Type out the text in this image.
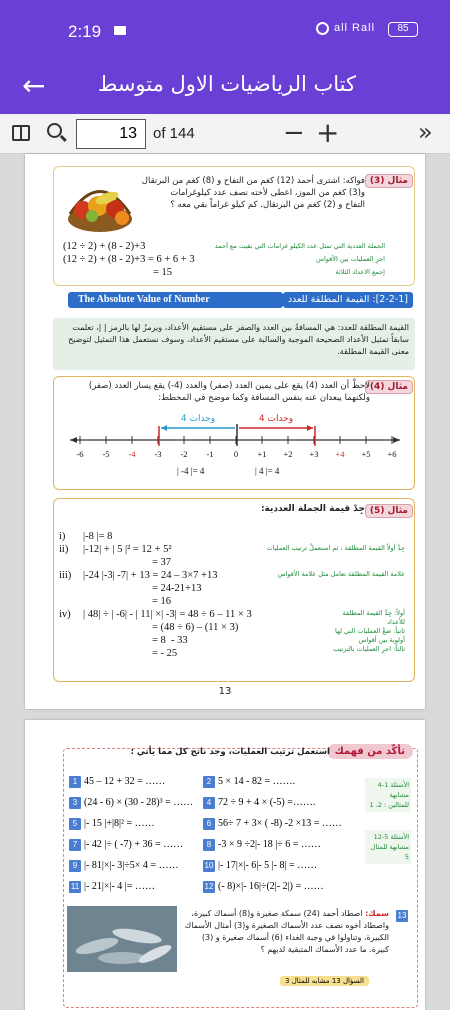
2:19	all Rall	85
← كتاب الرياضيات الاول متوسط
13
of 144	− +	»
مثال (3)
فواكه: اشترى أحمد (12) كغم من التفاح و (8) كغم من البرتقال
و(3) كغم من الموز، اعطى لأخته نصف عدد كيلوغرامات
التفاح و (2) كغم من البرتقال. كم كيلو غراماً بقي معه ؟
(12 ÷ 2) + (8 - 2)+3
(12 ÷ 2) + (8 - 2)+3 = 6 + 6 + 3
= 15
الجملة العددية التي تمثل عدد الكيلو غرامات التي بقيت مع أحمد
اجرِ العمليات بين الأقواس
إجمع الاعداد الثلاثة
The Absolute Value of Number	[2-2-1]: القيمة المطلقة للعدد
القيمة المطلقة للعدد: هي المسافةُ بين العدد والصفر على مستقيم الأعداد، ويرمزُ لها بالرمز | |، تعلمت سابقاً تمثيل الأعداد الصحيحة الموجبة والسالبة على مستقيم الأعداد، وسوف نستعمل هذا التمثيل لتوضيح معنى القيمة المطلقة.
مثال (4)
لاحظْ أن العدد (4) يقع على يمين العدد (صفر) والعدد (4-) يقع يسار العدد (صفر)
ولكنهما يبعدان عنه بنفس المسافة وكما موضح في المخطط:
-6 -5 -4 -3 -2 -1 0 +1 +2 +3 +4 +5 +6
4 وحدات	4 وحدات
| -4 |= 4	| 4 |= 4
مثال (5)
جِدْ قيمة الجملة العددية:
i) |-8 |= 8
ii) |-12| + | 5 |² = 12 + 5²
= 37
جِدْ أولاً القيمة المطلقة ، ثم استعملْ ترتيب العمليات
iii) |-24 |-3| -7| + 13 = 24 – 3×7 +13
= 24-21+13
= 16
علامة القيمة المطلقة تعامل مثل علامة الأقواس
iv) | 48| ÷ | -6| - | 11| ×| -3| = 48 ÷ 6 – 11 × 3
= (48 ÷ 6) – (11 × 3)
= 8  - 33
= - 25
أولاً: جِدْ القيمة المطلقة للأعداد
ثانياً: ضعْ العمليات التي لها أولوية بين أقواس
ثالثاً: اجرِ العمليات بالترتيب
13
تأكّد من فهمك
استعمل ترتيب العمليات، وجد ناتج كل مما يأتي :
الأسئلة 1-4 مشابهة للمثالين : 2، 1
الأسئلة 5-12 مشابهة للمثال 5
1 45 – 12 + 32 = ……	2 5 × 14 - 82 = …….
3 (24 - 6) × (30 - 28)³ = ……	4 72 ÷ 9 + 4 × (-5) =…….
5 |- 15 |+|8|² = ……	6 56÷ 7 + 3× ( -8) -2 ×13 = ……
7 |- 42 |÷ ( -7) + 36 = ……	8 -3 × 9 ÷2|- 18 |÷ 6 = ……
9 |- 81|×|- 3|÷5× 4 = ……	10 |- 17|×|- 6|- 5 |- 8| = ……
11 |- 21|×|- 4 |= ……	12 (- 8)×|- 16|÷(2|- 2|) = ……
13
سمك: اصطاد أحمد (24) سمكة صغيرة و(8) أسماك كبيرة، واصطاد أخوه نصف عدد الأسماك الصغيرة و(3) أمثال الأسماك الكبيرة، وتناولوا في وجبة الغداء (6) أسماك صغيرة و (3) كبيرة. ما عدد الأسماك المتبقية لديهم ؟
السؤال 13 مشابه للمثال 3
